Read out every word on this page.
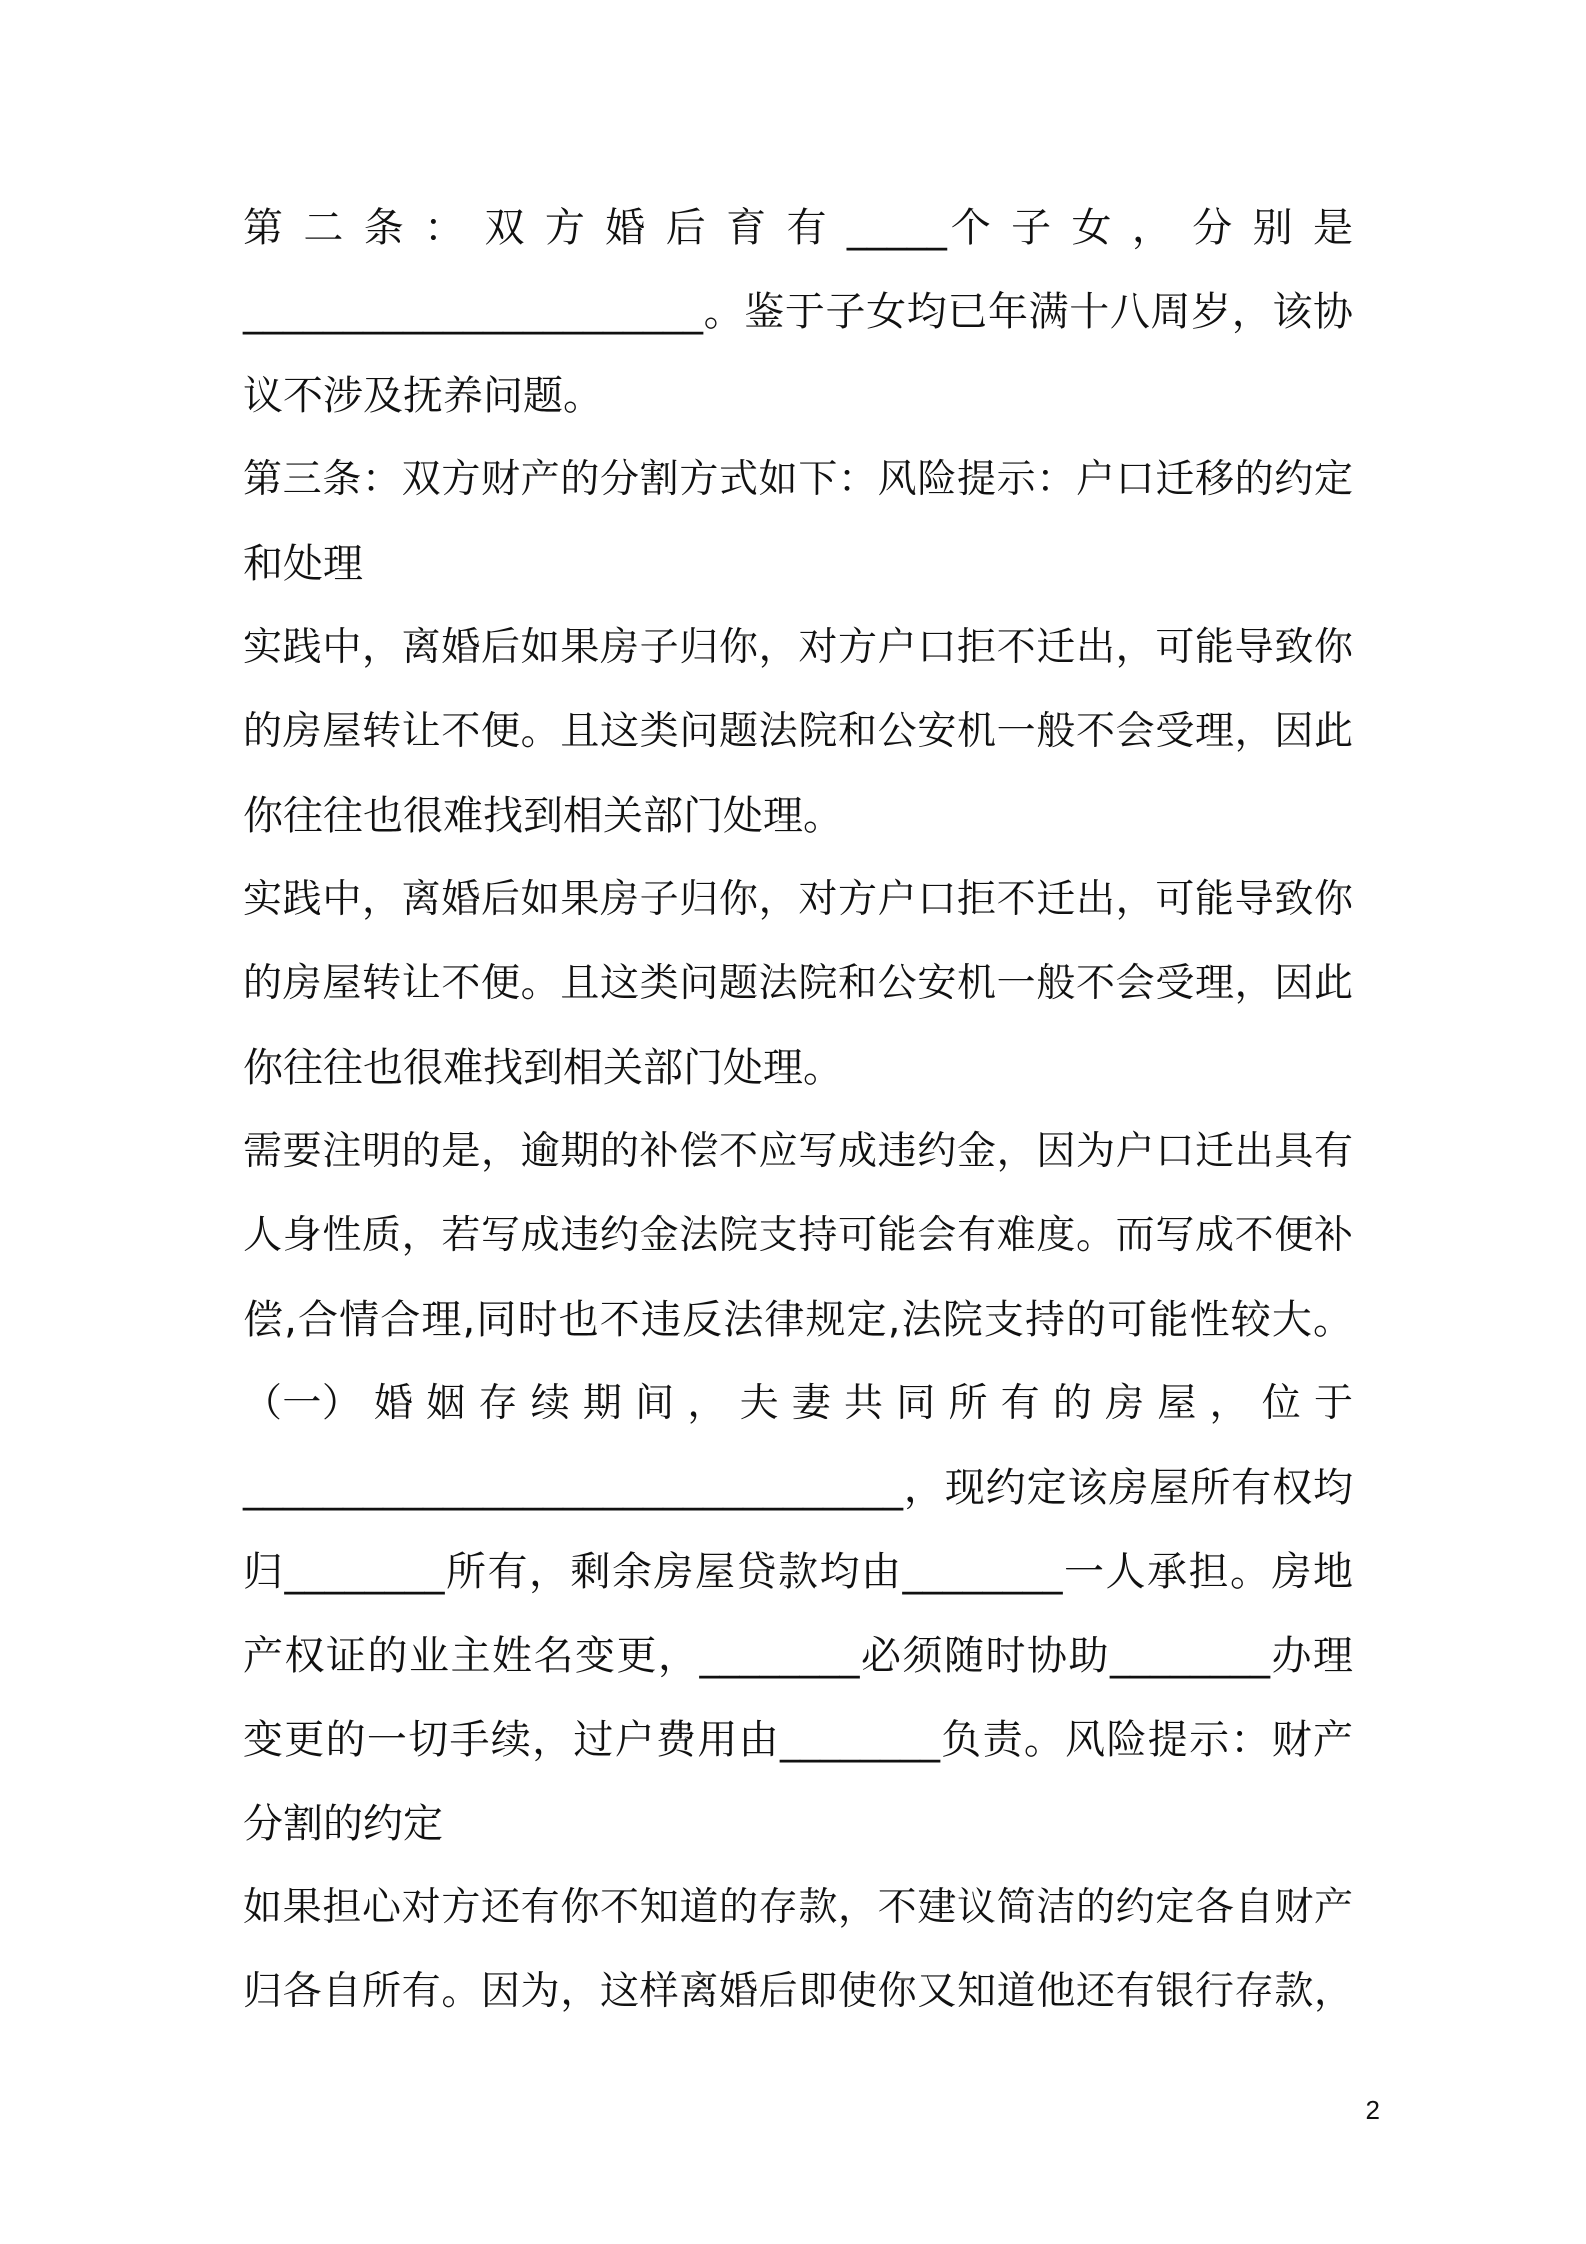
第 二 条 ： 双 方 婚 后 育 有 _____个 子 女 ， 分 别 是

_______________________。鉴于子女均已年满十八周岁，该协

议不涉及抚养问题。

第三条：双方财产的分割方式如下：风险提示：户口迁移的约定

和处理

实践中，离婚后如果房子归你，对方户口拒不迁出，可能导致你

的房屋转让不便。且这类问题法院和公安机一般不会受理，因此

你往往也很难找到相关部门处理。

实践中，离婚后如果房子归你，对方户口拒不迁出，可能导致你

的房屋转让不便。且这类问题法院和公安机一般不会受理，因此

你往往也很难找到相关部门处理。

需要注明的是，逾期的补偿不应写成违约金，因为户口迁出具有

人身性质，若写成违约金法院支持可能会有难度。而写成不便补

偿,合情合理,同时也不违反法律规定,法院支持的可能性较大。

（一） 婚 姻 存 续 期 间 ， 夫 妻 共 同 所 有 的 房 屋 ， 位 于

_________________________________，现约定该房屋所有权均

归________所有，剩余房屋贷款均由________一人承担。房地

产权证的业主姓名变更，________必须随时协助________办理

变更的一切手续，过户费用由________负责。风险提示：财产

分割的约定

如果担心对方还有你不知道的存款，不建议简洁的约定各自财产

归各自所有。因为，这样离婚后即使你又知道他还有银行存款，

2
